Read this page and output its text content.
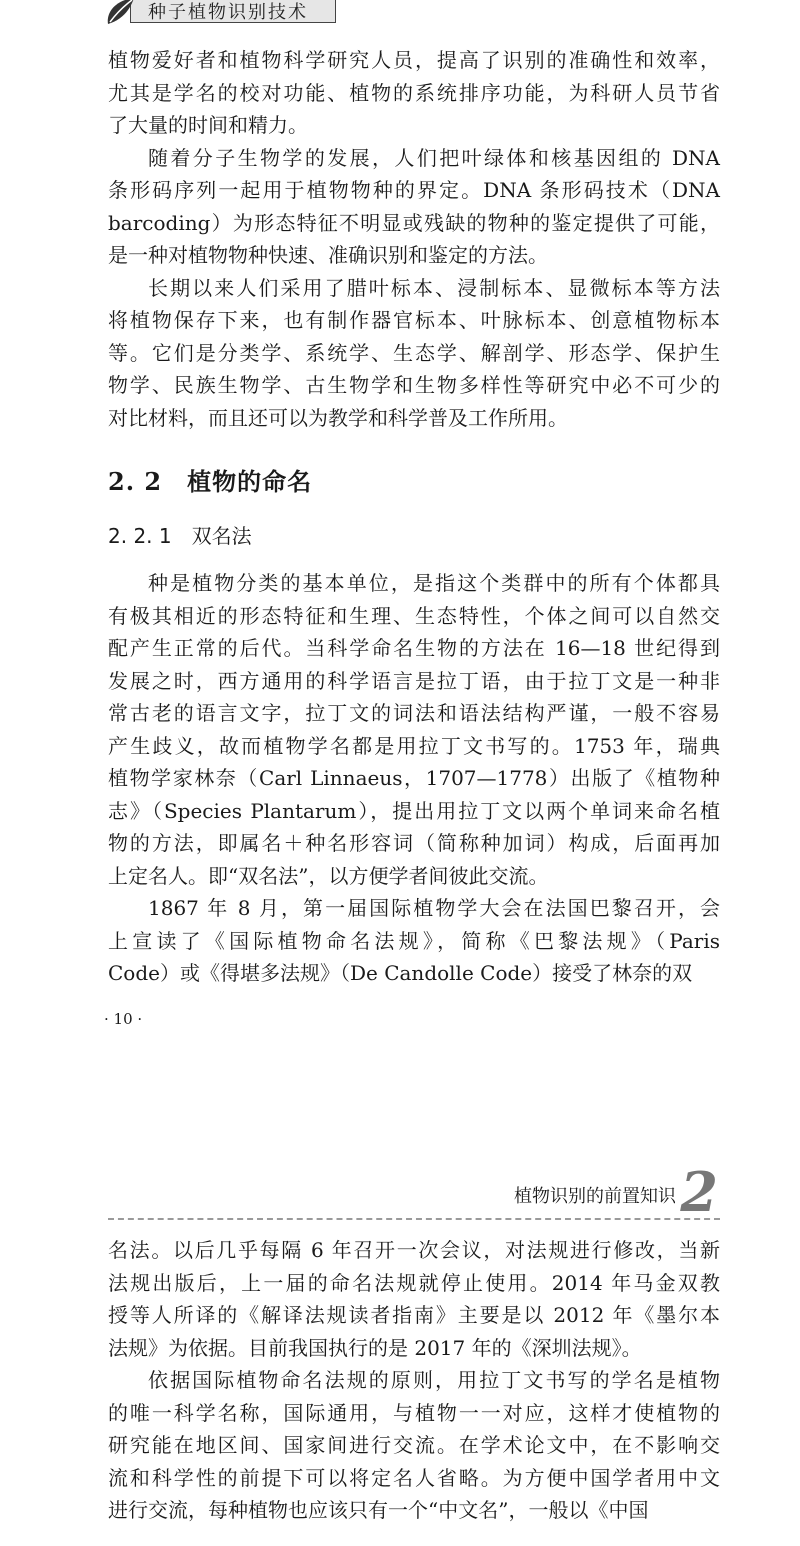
种子植物识别技术

植物爱好者和植物科学研究人员，提高了识别的准确性和效率，
尤其是学名的校对功能、植物的系统排序功能，为科研人员节省
了大量的时间和精力。

随着分子生物学的发展，人们把叶绿体和核基因组的 DNA
条形码序列一起用于植物物种的界定。DNA 条形码技术（DNA
barcoding）为形态特征不明显或残缺的物种的鉴定提供了可能，
是一种对植物物种快速、准确识别和鉴定的方法。

长期以来人们采用了腊叶标本、浸制标本、显微标本等方法
将植物保存下来，也有制作器官标本、叶脉标本、创意植物标本
等。它们是分类学、系统学、生态学、解剖学、形态学、保护生
物学、民族生物学、古生物学和生物多样性等研究中必不可少的
对比材料，而且还可以为教学和科学普及工作所用。

2. 2　植物的命名
2. 2. 1　双名法

种是植物分类的基本单位，是指这个类群中的所有个体都具
有极其相近的形态特征和生理、生态特性，个体之间可以自然交
配产生正常的后代。当科学命名生物的方法在 16—18 世纪得到
发展之时，西方通用的科学语言是拉丁语，由于拉丁文是一种非
常古老的语言文字，拉丁文的词法和语法结构严谨，一般不容易
产生歧义，故而植物学名都是用拉丁文书写的。1753 年，瑞典
植物学家林奈（Carl Linnaeus，1707—1778）出版了《植物种
志》（Species Plantarum），提出用拉丁文以两个单词来命名植
物的方法，即属名＋种名形容词（简称种加词）构成，后面再加
上定名人。即“双名法”，以方便学者间彼此交流。

1867 年 8 月，第一届国际植物学大会在法国巴黎召开，会
上宣读了《国际植物命名法规》，简称《巴黎法规》（Paris
Code）或《得堪多法规》（De Candolle Code）接受了林奈的双

· 10 ·
植物识别的前置知识 2

名法。以后几乎每隔 6 年召开一次会议，对法规进行修改，当新
法规出版后，上一届的命名法规就停止使用。2014 年马金双教
授等人所译的《解译法规读者指南》主要是以 2012 年《墨尔本
法规》为依据。目前我国执行的是 2017 年的《深圳法规》。

依据国际植物命名法规的原则，用拉丁文书写的学名是植物
的唯一科学名称，国际通用，与植物一一对应，这样才使植物的
研究能在地区间、国家间进行交流。在学术论文中，在不影响交
流和科学性的前提下可以将定名人省略。为方便中国学者用中文
进行交流，每种植物也应该只有一个“中文名”，一般以《中国
